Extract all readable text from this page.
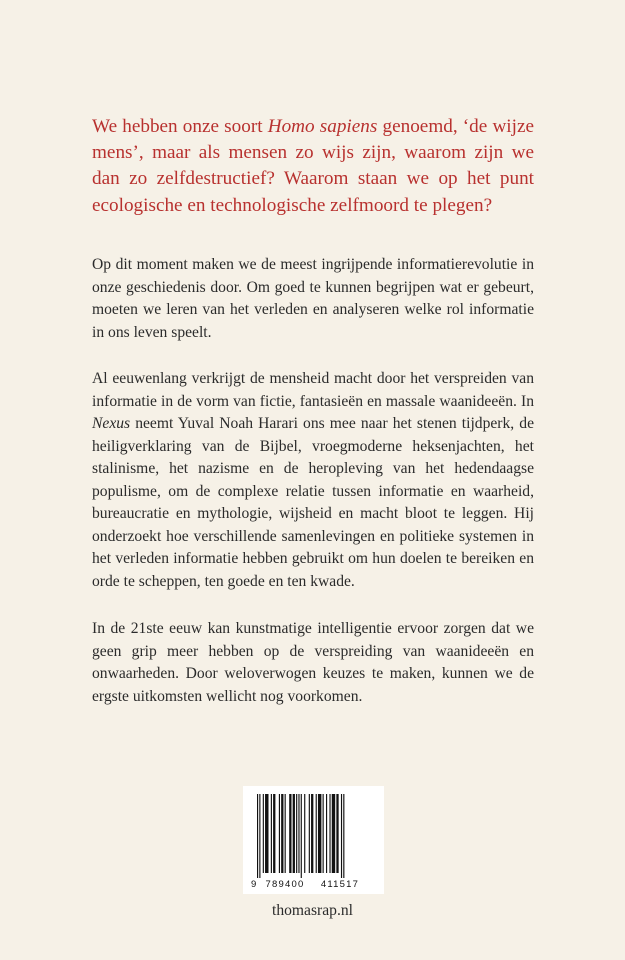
We hebben onze soort Homo sapiens genoemd, ‘de wijze mens’, maar als mensen zo wijs zijn, waarom zijn we dan zo zelfdestructief? Waarom staan we op het punt ecologische en technologische zelfmoord te plegen?

Op dit moment maken we de meest ingrijpende informatierevolutie in onze geschiedenis door. Om goed te kunnen begrijpen wat er gebeurt, moeten we leren van het verleden en analyseren welke rol informatie in ons leven speelt.

Al eeuwenlang verkrijgt de mensheid macht door het verspreiden van informatie in de vorm van fictie, fantasieën en massale waanideeën. In Nexus neemt Yuval Noah Harari ons mee naar het stenen tijdperk, de heiligverklaring van de Bijbel, vroegmoderne heksenjachten, het stalinisme, het nazisme en de heropleving van het hedendaagse populisme, om de complexe relatie tussen informatie en waarheid, bureaucratie en mythologie, wijsheid en macht bloot te leggen. Hij onderzoekt hoe verschillende samenlevingen en politieke systemen in het verleden informatie hebben gebruikt om hun doelen te bereiken en orde te scheppen, ten goede en ten kwade.

In de 21ste eeuw kan kunstmatige intelligentie ervoor zorgen dat we geen grip meer hebben op de verspreiding van waanideeën en onwaarheden. Door weloverwogen keuzes te maken, kunnen we de ergste uitkomsten wellicht nog voorkomen.

9 789400 411517

thomasrap.nl
